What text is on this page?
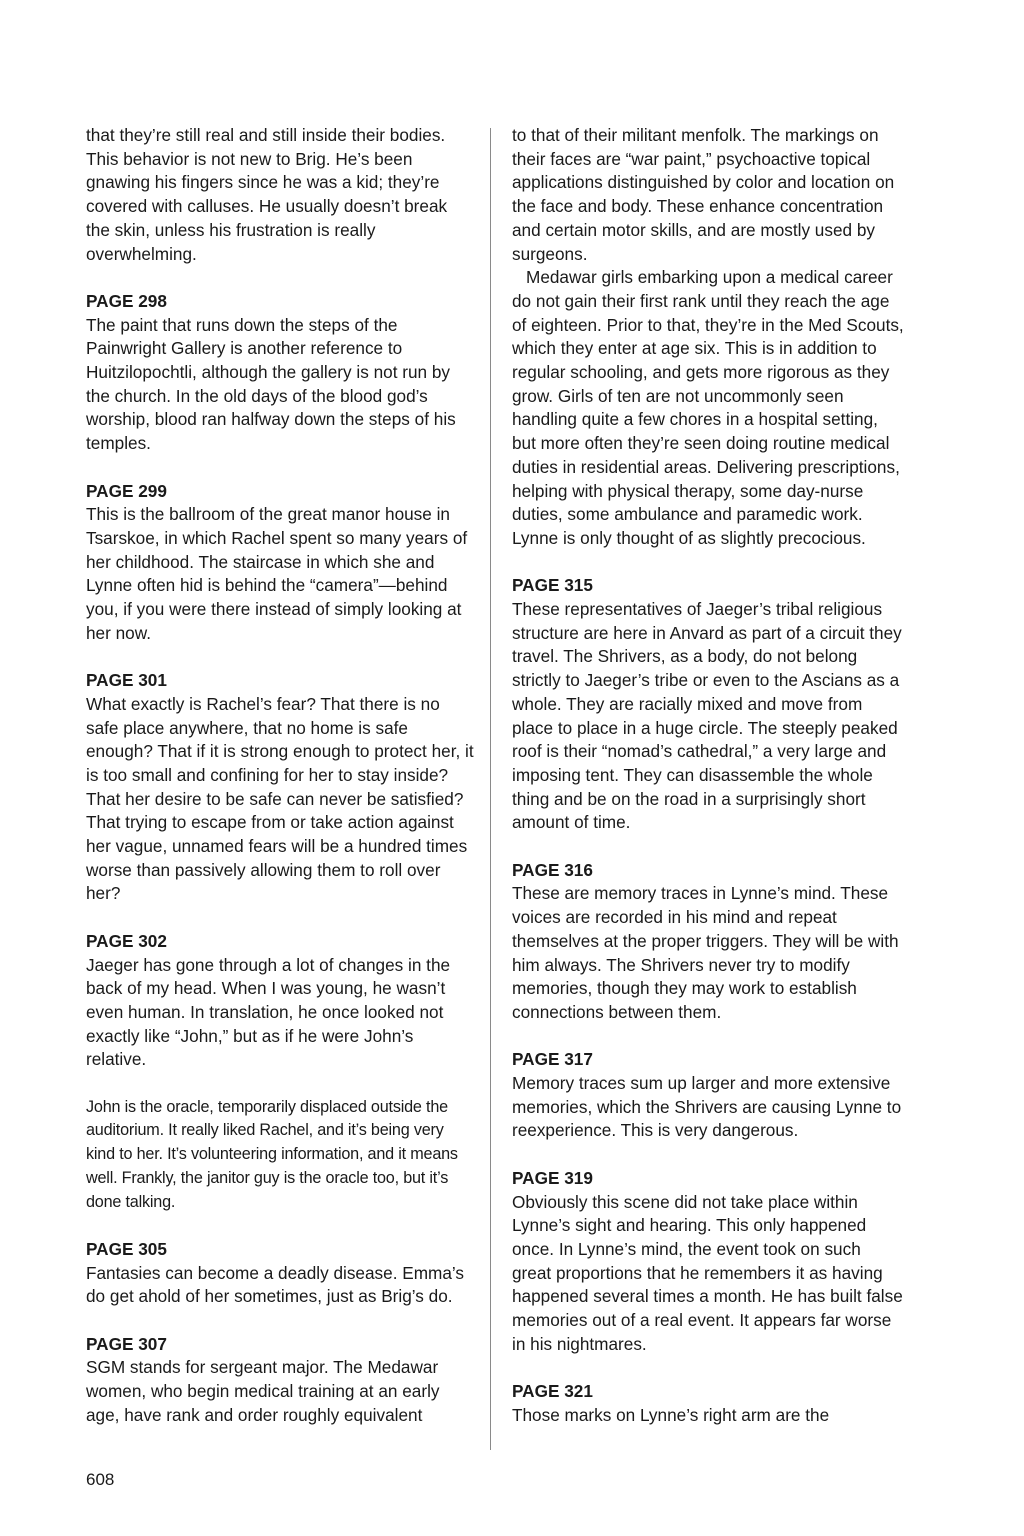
that they’re still real and still inside their bodies. This behavior is not new to Brig. He’s been gnawing his fingers since he was a kid; they’re covered with calluses. He usually doesn’t break the skin, unless his frustration is really overwhelming.
PAGE 298
The paint that runs down the steps of the Painwright Gallery is another reference to Huitzilopochtli, although the gallery is not run by the church. In the old days of the blood god’s worship, blood ran halfway down the steps of his temples.
PAGE 299
This is the ballroom of the great manor house in Tsarskoe, in which Rachel spent so many years of her childhood. The staircase in which she and Lynne often hid is behind the “camera”—behind you, if you were there instead of simply looking at her now.
PAGE 301
What exactly is Rachel’s fear? That there is no safe place anywhere, that no home is safe enough? That if it is strong enough to protect her, it is too small and confining for her to stay inside? That her desire to be safe can never be satisfied? That trying to escape from or take action against her vague, unnamed fears will be a hundred times worse than passively allowing them to roll over her?
PAGE 302
Jaeger has gone through a lot of changes in the back of my head. When I was young, he wasn’t even human. In translation, he once looked not exactly like “John,” but as if he were John’s relative.
John is the oracle, temporarily displaced outside the auditorium. It really liked Rachel, and it’s being very kind to her. It’s volunteering information, and it means well. Frankly, the janitor guy is the oracle too, but it’s done talking.
PAGE 305
Fantasies can become a deadly disease. Emma’s do get ahold of her sometimes, just as Brig’s do.
PAGE 307
SGM stands for sergeant major. The Medawar women, who begin medical training at an early age, have rank and order roughly equivalent
to that of their militant menfolk. The markings on their faces are “war paint,” psychoactive topical applications distinguished by color and location on the face and body. These enhance concentration and certain motor skills, and are mostly used by surgeons.
Medawar girls embarking upon a medical career do not gain their first rank until they reach the age of eighteen. Prior to that, they’re in the Med Scouts, which they enter at age six. This is in addition to regular schooling, and gets more rigorous as they grow. Girls of ten are not uncommonly seen handling quite a few chores in a hospital setting, but more often they’re seen doing routine medical duties in residential areas. Delivering prescriptions, helping with physical therapy, some day-nurse duties, some ambulance and paramedic work. Lynne is only thought of as slightly precocious.
PAGE 315
These representatives of Jaeger’s tribal religious structure are here in Anvard as part of a circuit they travel. The Shrivers, as a body, do not belong strictly to Jaeger’s tribe or even to the Ascians as a whole. They are racially mixed and move from place to place in a huge circle. The steeply peaked roof is their “nomad’s cathedral,” a very large and imposing tent. They can disassemble the whole thing and be on the road in a surprisingly short amount of time.
PAGE 316
These are memory traces in Lynne’s mind. These voices are recorded in his mind and repeat themselves at the proper triggers. They will be with him always. The Shrivers never try to modify memories, though they may work to establish connections between them.
PAGE 317
Memory traces sum up larger and more extensive memories, which the Shrivers are causing Lynne to reexperience. This is very dangerous.
PAGE 319
Obviously this scene did not take place within Lynne’s sight and hearing. This only happened once. In Lynne’s mind, the event took on such great proportions that he remembers it as having happened several times a month. He has built false memories out of a real event. It appears far worse in his nightmares.
PAGE 321
Those marks on Lynne’s right arm are the
608
